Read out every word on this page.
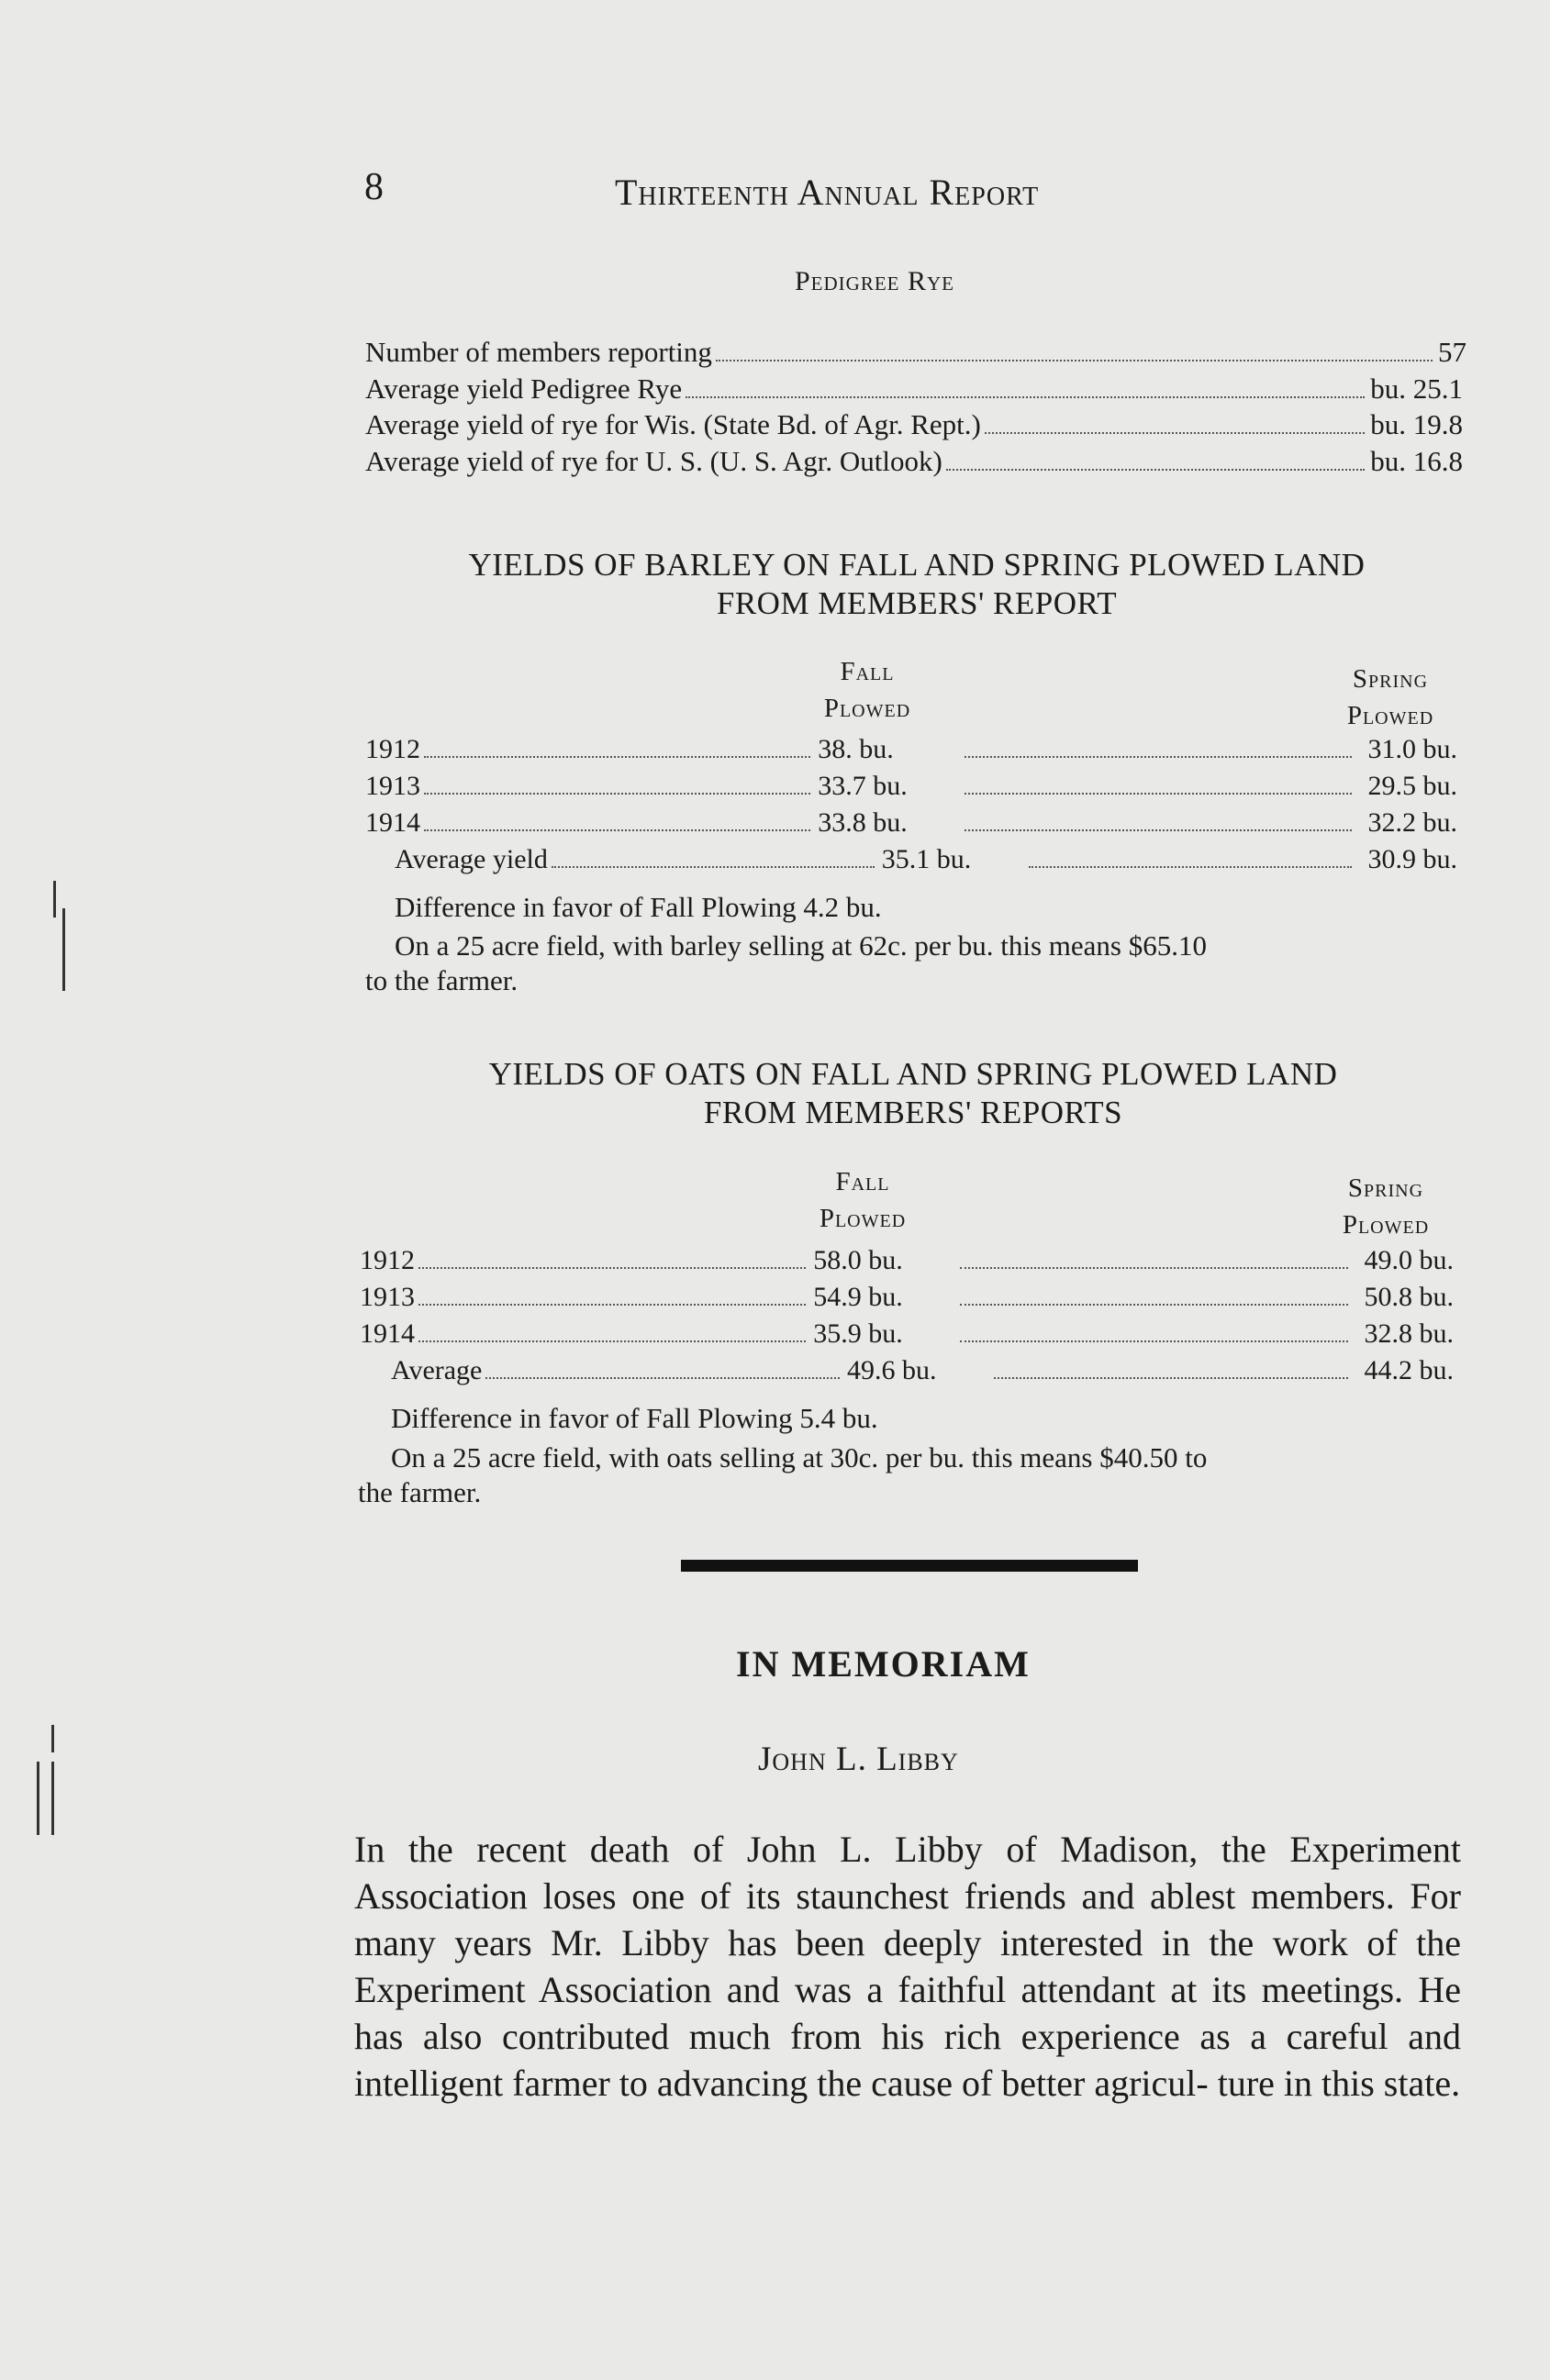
8	Thirteenth Annual Report
Pedigree Rye
Number of members reporting	57
Average yield Pedigree Rye	bu. 25.1
Average yield of rye for Wis. (State Bd. of Agr. Rept.)	bu. 19.8
Average yield of rye for U. S. (U. S. Agr. Outlook)	bu. 16.8
YIELDS OF BARLEY ON FALL AND SPRING PLOWED LAND
FROM MEMBERS' REPORT
Fall
Plowed
Spring
Plowed
1912	38. bu.	31.0 bu.
1913	33.7 bu.	29.5 bu.
1914	33.8 bu.	32.2 bu.
Average yield	35.1 bu.	30.9 bu.
Difference in favor of Fall Plowing 4.2 bu.
On a 25 acre field, with barley selling at 62c. per bu. this means $65.10
to the farmer.
YIELDS OF OATS ON FALL AND SPRING PLOWED LAND
FROM MEMBERS' REPORTS
Fall
Plowed
Spring
Plowed
1912	58.0 bu.	49.0 bu.
1913	54.9 bu.	50.8 bu.
1914	35.9 bu.	32.8 bu.
Average	49.6 bu.	44.2 bu.
Difference in favor of Fall Plowing 5.4 bu.
On a 25 acre field, with oats selling at 30c. per bu. this means $40.50 to
the farmer.
IN MEMORIAM
John L. Libby
In the recent death of John L. Libby of Madison, the Experiment Association loses one of its staunchest friends and ablest members. For many years Mr. Libby has been deeply interested in the work of the Experiment Association and was a faithful attendant at its meetings. He has also contributed much from his rich experience as a careful and intelligent farmer to advancing the cause of better agricul- ture in this state.
